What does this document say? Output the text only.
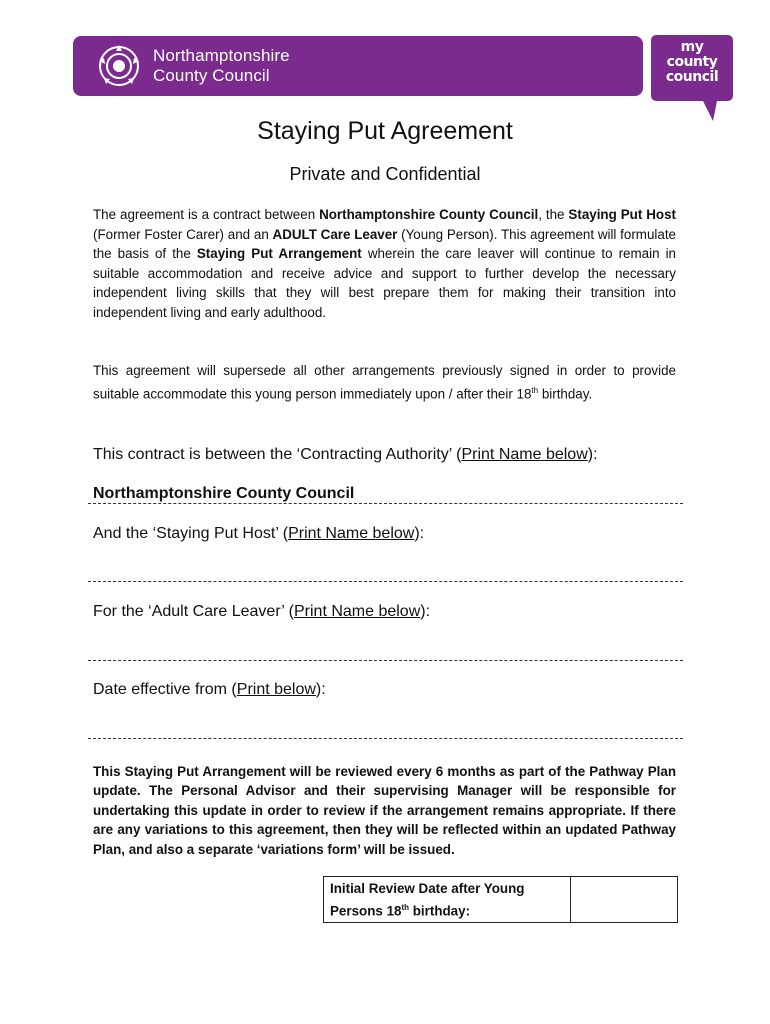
Northamptonshire
County Council
my
county
council
Staying Put Agreement
Private and Confidential
The agreement is a contract between Northamptonshire County Council, the Staying Put Host (Former Foster Carer) and an ADULT Care Leaver (Young Person). This agreement will formulate the basis of the Staying Put Arrangement wherein the care leaver will continue to remain in suitable accommodation and receive advice and support to further develop the necessary independent living skills that they will best prepare them for making their transition into independent living and early adulthood.
This agreement will supersede all other arrangements previously signed in order to provide suitable accommodate this young person immediately upon / after their 18th birthday.
This contract is between the ‘Contracting Authority’ (Print Name below):
Northamptonshire County Council
And the ‘Staying Put Host’ (Print Name below):
For the ‘Adult Care Leaver’ (Print Name below):
Date effective from (Print below):
This Staying Put Arrangement will be reviewed every 6 months as part of the Pathway Plan update. The Personal Advisor and their supervising Manager will be responsible for undertaking this update in order to review if the arrangement remains appropriate. If there are any variations to this agreement, then they will be reflected within an updated Pathway Plan, and also a separate ‘variations form’ will be issued.
Initial Review Date after Young Persons 18th birthday:	
